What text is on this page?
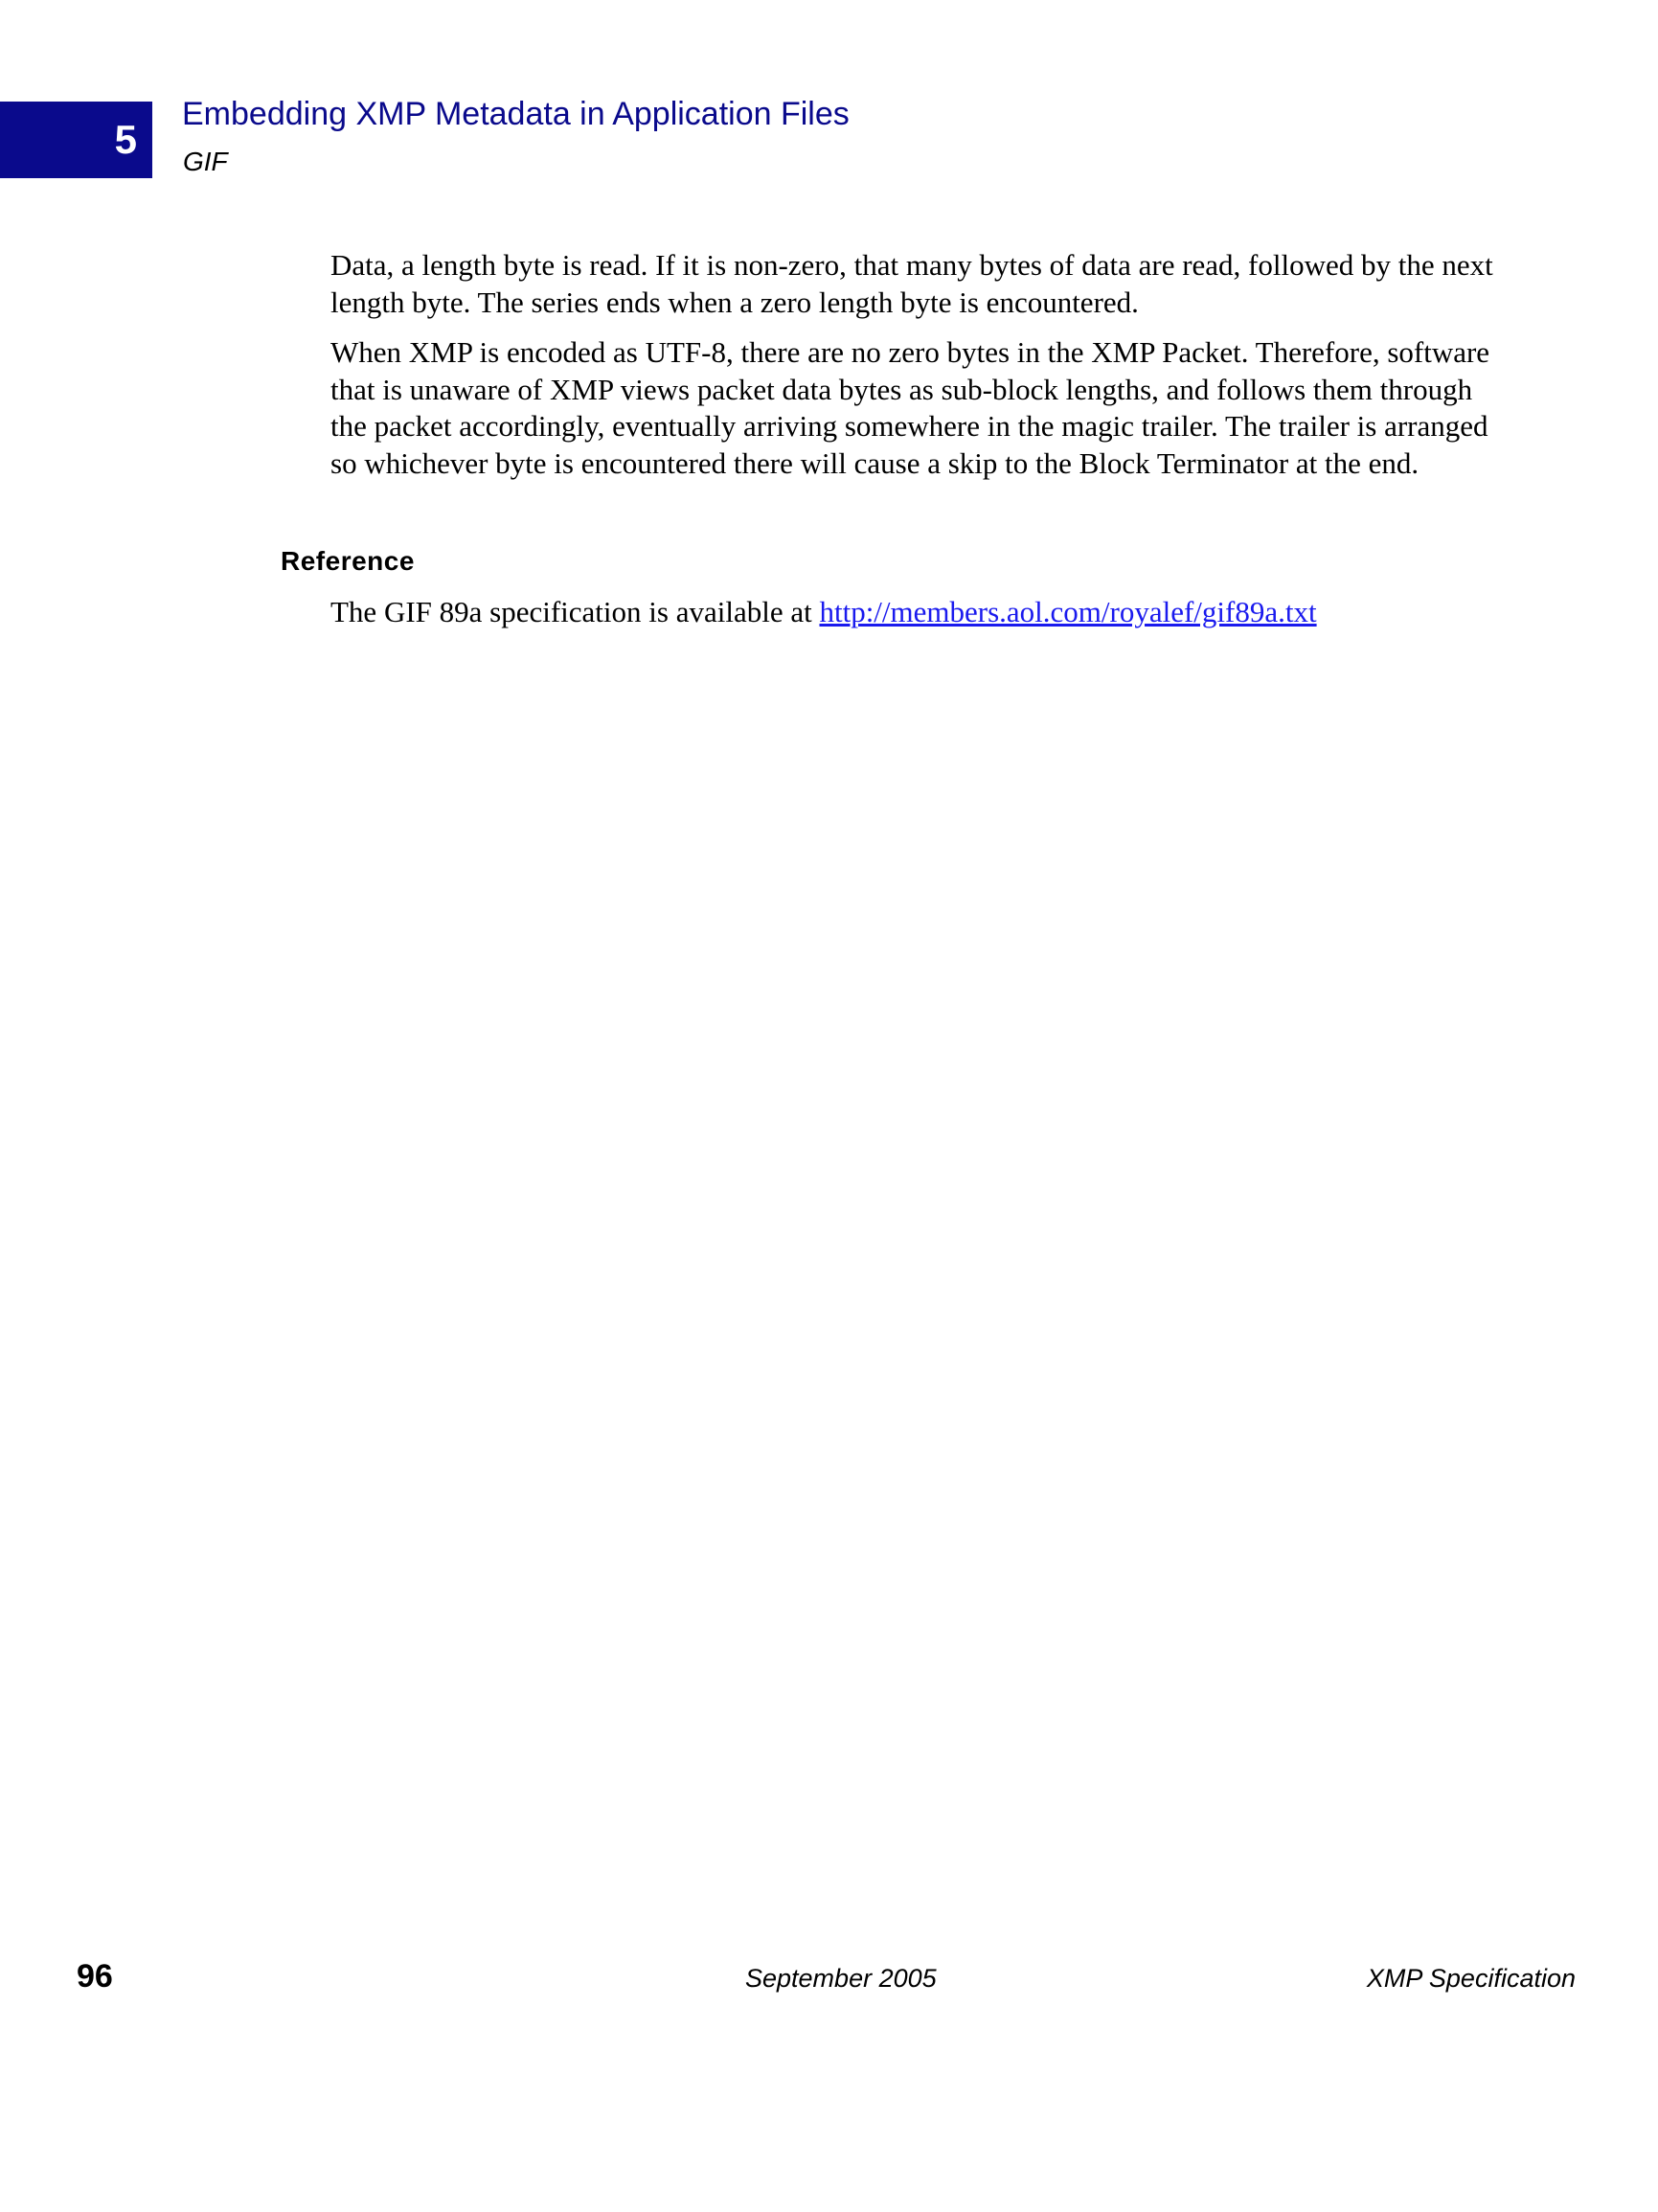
5
Embedding XMP Metadata in Application Files
GIF

Data, a length byte is read. If it is non-zero, that many bytes of data are read, followed by the next length byte. The series ends when a zero length byte is encountered.

When XMP is encoded as UTF-8, there are no zero bytes in the XMP Packet. Therefore, software that is unaware of XMP views packet data bytes as sub-block lengths, and follows them through the packet accordingly, eventually arriving somewhere in the magic trailer. The trailer is arranged so whichever byte is encountered there will cause a skip to the Block Terminator at the end.

Reference

The GIF 89a specification is available at http://members.aol.com/royalef/gif89a.txt

96	September 2005	XMP Specification
